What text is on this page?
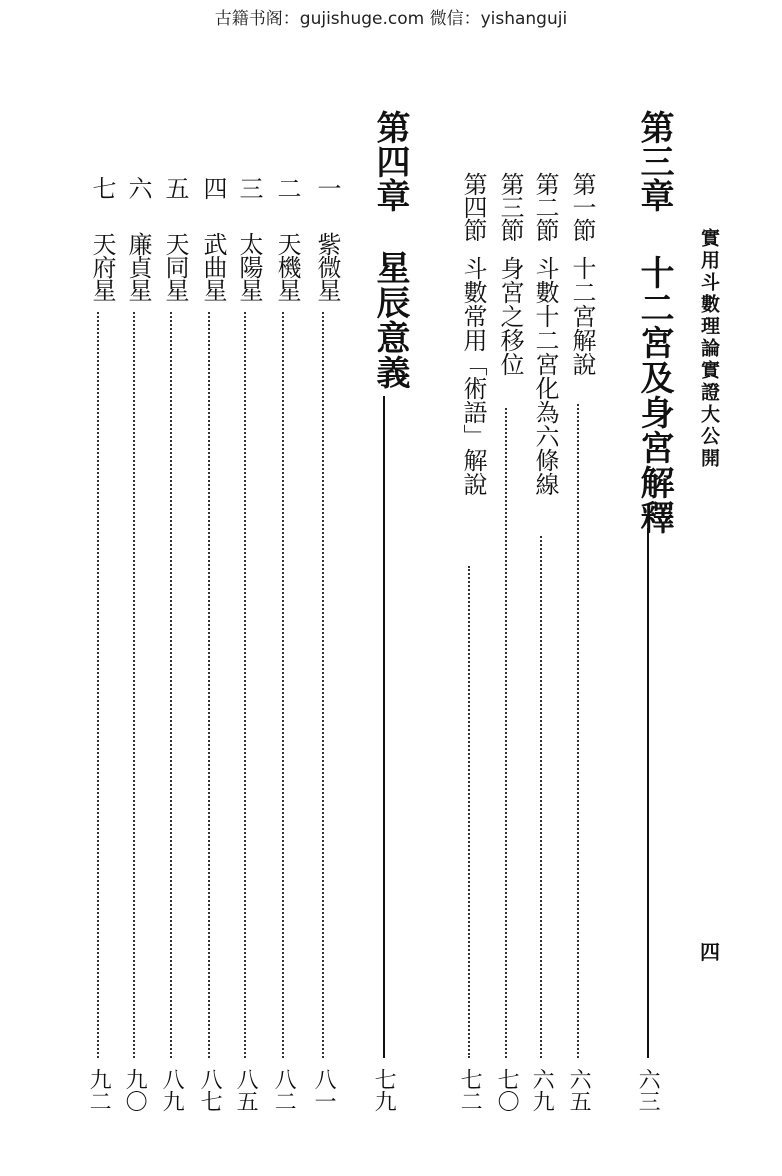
古籍书阁：gujishuge.com 微信：yishanguji
實用斗數理論實證大公開
四
第三章
十二宮及身宮解釋
六三
第一節
十二宮解說
六五
第二節
斗數十二宮化為六條線
六九
第三節
身宮之移位
七〇
第四節
斗數常用「術語」解說
七二
第四章
星辰意義
七九
一
紫微星
八一
二
天機星
八二
三
太陽星
八五
四
武曲星
八七
五
天同星
八九
六
廉貞星
九〇
七
天府星
九二
